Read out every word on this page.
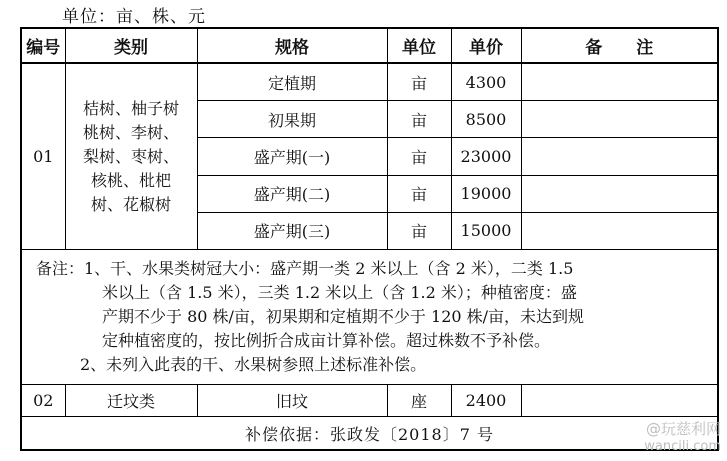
单位：亩、株、元
编号	类别	规格	单位	单价	备　　注
01	桔树、柚子树
桃树、李树、
梨树、枣树、
核桃、枇杷
树、花椒树	定植期	亩	4300	
		初果期	亩	8500	
		盛产期(一)	亩	23000	
		盛产期(二)	亩	19000	
		盛产期(三)	亩	15000	

备注：1、干、水果类树冠大小：盛产期一类 2 米以上（含 2 米），二类 1.5

米以上（含 1.5 米），三类 1.2 米以上（含 1.2 米）；种植密度：盛

产期不少于 80 株/亩，初果期和定植期不少于 120 株/亩，未达到规

定种植密度的，按比例折合成亩计算补偿。超过株数不予补偿。

2、未列入此表的干、水果树参照上述标准补偿。					

02	迁坟类	旧坟	座	2400	
补偿依据：张政发〔2018〕7 号						@玩慈利网
wancili.com
